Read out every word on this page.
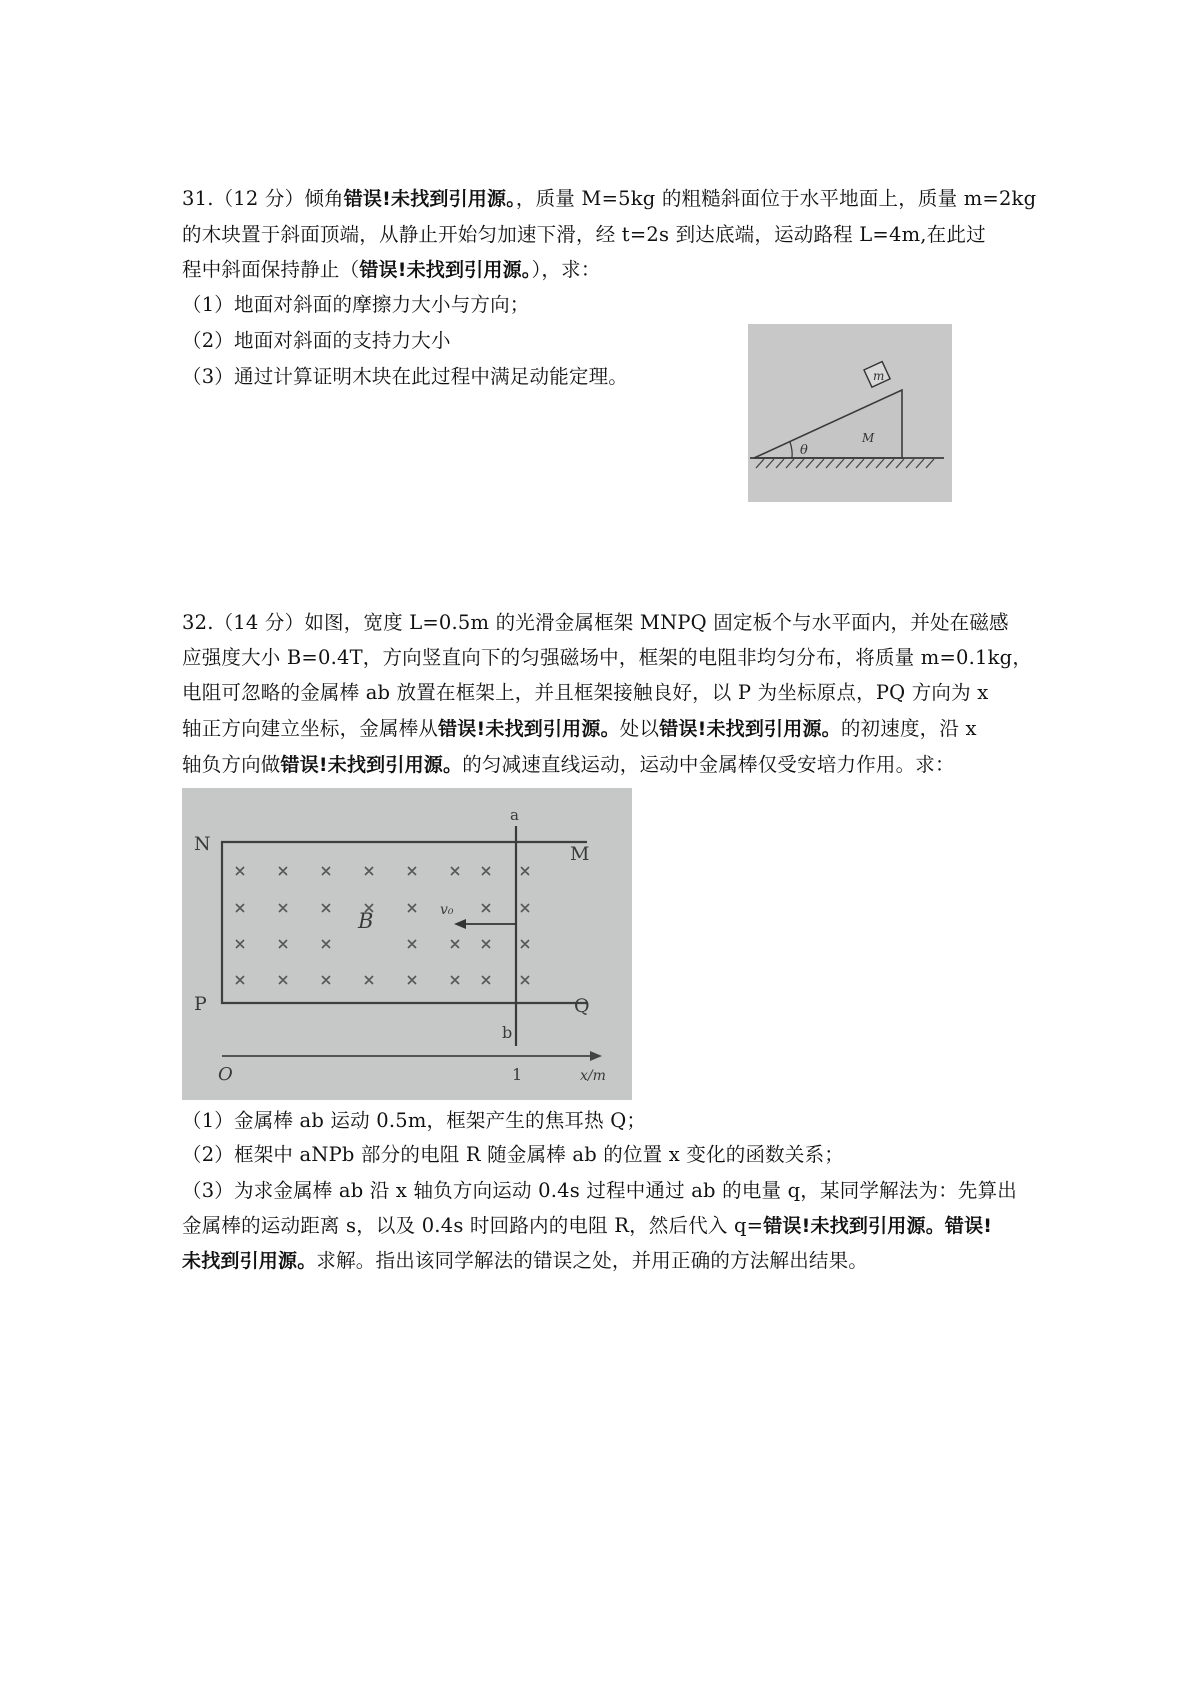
31.（12 分）倾角错误!未找到引用源。，质量 M=5kg 的粗糙斜面位于水平地面上，质量 m=2kg
的木块置于斜面顶端，从静止开始匀加速下滑，经 t=2s 到达底端，运动路程 L=4m,在此过
程中斜面保持静止（错误!未找到引用源。），求：
（1）地面对斜面的摩擦力大小与方向；
（2）地面对斜面的支持力大小
（3）通过计算证明木块在此过程中满足动能定理。	m
θ
M
32.（14 分）如图，宽度 L=0.5m 的光滑金属框架 MNPQ 固定板个与水平面内，并处在磁感
应强度大小 B=0.4T，方向竖直向下的匀强磁场中，框架的电阻非均匀分布，将质量 m=0.1kg，
电阻可忽略的金属棒 ab 放置在框架上，并且框架接触良好，以 P 为坐标原点，PQ 方向为 x
轴正方向建立坐标，金属棒从错误!未找到引用源。处以错误!未找到引用源。的初速度，沿 x
轴负方向做错误!未找到引用源。的匀减速直线运动，运动中金属棒仅受安培力作用。求：
N	M
P	Q
a
b
B	v₀
O	1	x/m
（1）金属棒 ab 运动 0.5m，框架产生的焦耳热 Q；
（2）框架中 aNPb 部分的电阻 R 随金属棒 ab 的位置 x 变化的函数关系；
（3）为求金属棒 ab 沿 x 轴负方向运动 0.4s 过程中通过 ab 的电量 q，某同学解法为：先算出
金属棒的运动距离 s，以及 0.4s 时回路内的电阻 R，然后代入 q=错误!未找到引用源。错误!
未找到引用源。求解。指出该同学解法的错误之处，并用正确的方法解出结果。
